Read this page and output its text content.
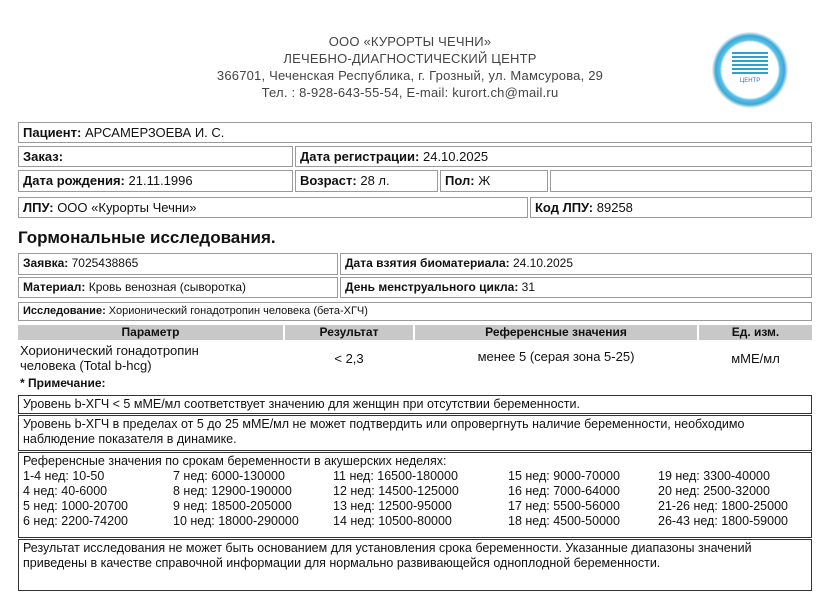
ООО «КУРОРТЫ ЧЕЧНИ»
ЛЕЧЕБНО-ДИАГНОСТИЧЕСКИЙ ЦЕНТР
366701, Чеченская Республика, г. Грозный, ул. Мамсурова, 29
Тел. : 8-928-643-55-54, E-mail: kurort.ch@mail.ru
ЦЕНТР
Пациент: АРСАМЕРЗОЕВА И. С.
Заказ:	Дата регистрации: 24.10.2025
Дата рождения: 21.11.1996	Возраст: 28 л.	Пол: Ж
ЛПУ: ООО «Курорты Чечни»	Код ЛПУ: 89258
Гормональные исследования.
Заявка: 7025438865	Дата взятия биоматериала: 24.10.2025
Материал: Кровь венозная (сыворотка)	День менструального цикла: 31
Исследование: Хорионический гонадотропин человека (бета-ХГЧ)
Параметр	Результат	Референсные значения	Ед. изм.
Хорионический гонадотропин человека (Total b-hcg)	< 2,3	менее 5 (серая зона 5-25)	мМЕ/мл
* Примечание:
Уровень b-ХГЧ < 5 мМЕ/мл соответствует значению для женщин при отсутствии беременности.
Уровень b-ХГЧ в пределах от 5 до 25 мМЕ/мл не может подтвердить или опровергнуть наличие беременности, необходимо наблюдение показателя в динамике.
Референсные значения по срокам беременности в акушерских неделях:
1-4 нед: 10-50	7 нед: 6000-130000	11 нед: 16500-180000	15 нед: 9000-70000	19 нед: 3300-40000
4 нед: 40-6000	8 нед: 12900-190000	12 нед: 14500-125000	16 нед: 7000-64000	20 нед: 2500-32000
5 нед: 1000-20700	9 нед: 18500-205000	13 нед: 12500-95000	17 нед: 5500-56000	21-26 нед: 1800-25000
6 нед: 2200-74200	10 нед: 18000-290000	14 нед: 10500-80000	18 нед: 4500-50000	26-43 нед: 1800-59000
Результат исследования не может быть основанием для установления срока беременности. Указанные диапазоны значений приведены в качестве справочной информации для нормально развивающейся одноплодной беременности.
